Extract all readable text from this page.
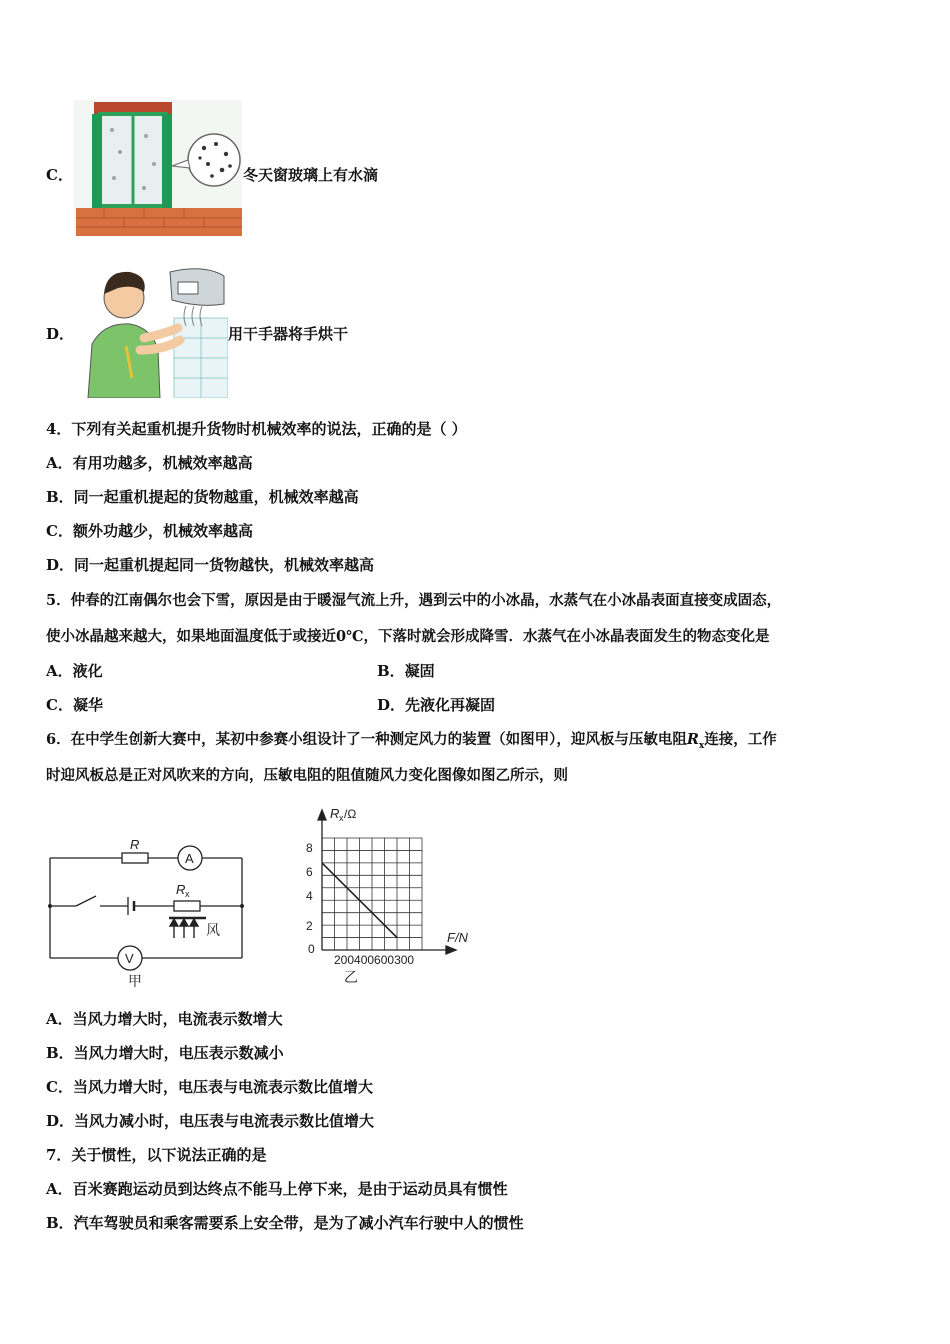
C．	冬天窗玻璃上有水滴
D．	用干手器将手烘干
4．下列有关起重机提升货物时机械效率的说法，正确的是（ ）
A．有用功越多，机械效率越高
B．同一起重机提起的货物越重，机械效率越高
C．额外功越少，机械效率越高
D．同一起重机提起同一货物越快，机械效率越高
5．仲春的江南偶尔也会下雪，原因是由于暖湿气流上升，遇到云中的小冰晶，水蒸气在小冰晶表面直接变成固态，
使小冰晶越来越大，如果地面温度低于或接近0℃，下落时就会形成降雪．水蒸气在小冰晶表面发生的物态变化是
A．液化	B．凝固
C．凝华	D．先液化再凝固
6．在中学生创新大赛中，某初中参赛小组设计了一种测定风力的装置（如图甲），迎风板与压敏电阻$R_x$连接，工作
时迎风板总是正对风吹来的方向，压敏电阻的阻值随风力变化图像如图乙所示，则
R
A
R x
风
V
甲
R x /Ω
F/N
8
6
4
2
0
200400600300
乙
A．当风力增大时，电流表示数增大
B．当风力增大时，电压表示数减小
C．当风力增大时，电压表与电流表示数比值增大
D．当风力减小时，电压表与电流表示数比值增大
7．关于惯性，以下说法正确的是
A．百米赛跑运动员到达终点不能马上停下来，是由于运动员具有惯性
B．汽车驾驶员和乘客需要系上安全带，是为了减小汽车行驶中人的惯性
